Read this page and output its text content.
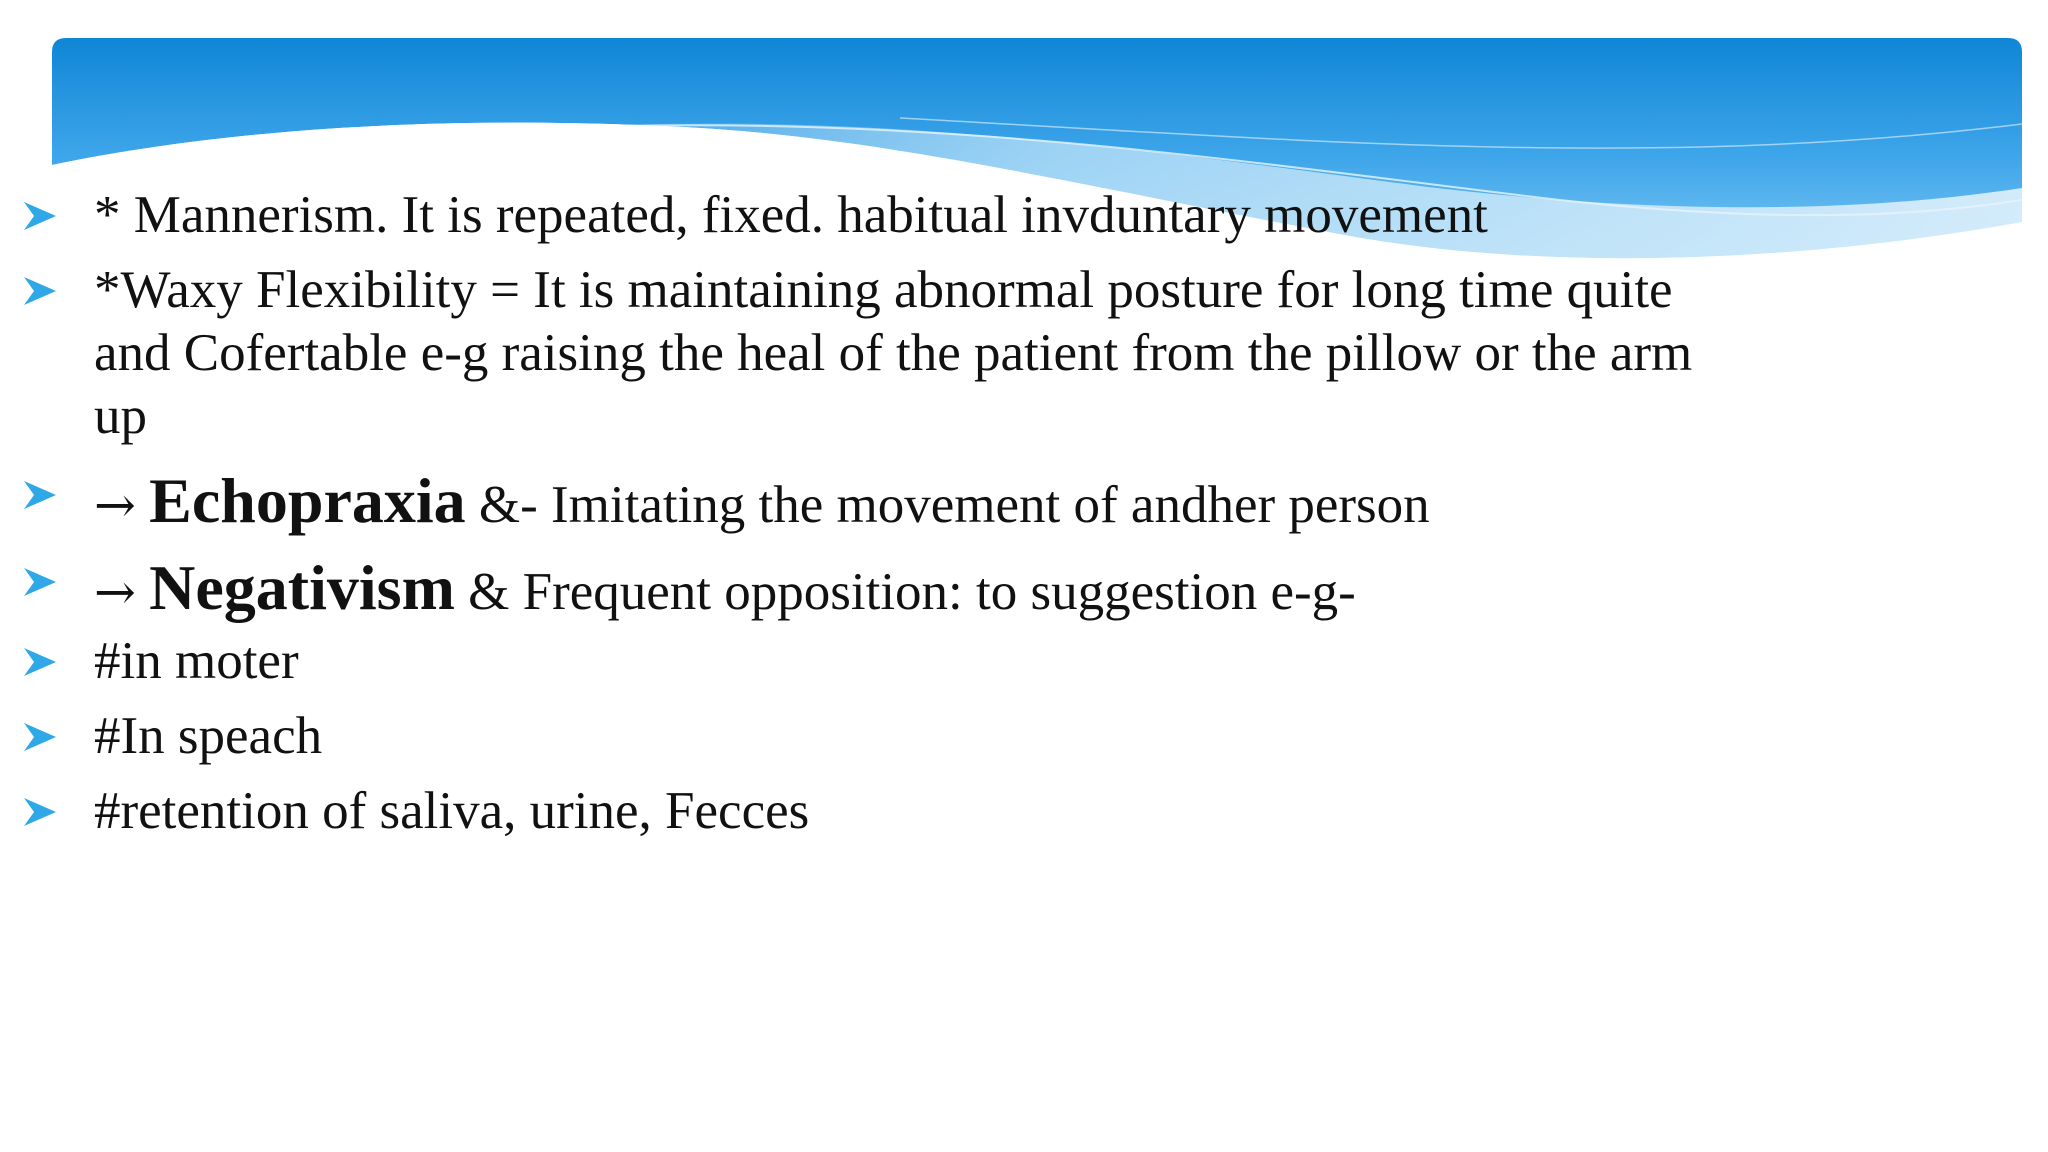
* Mannerism. It is repeated, fixed. habitual invduntary movement
*Waxy Flexibility = It is maintaining abnormal posture for long time quite and Cofertable e-g raising the heal of the patient from the pillow or the arm up
→ Echopraxia &- Imitating the movement of andher person
→ Negativism & Frequent opposition: to suggestion e-g-
#in moter
#In speach
#retention of saliva, urine, Fecces
